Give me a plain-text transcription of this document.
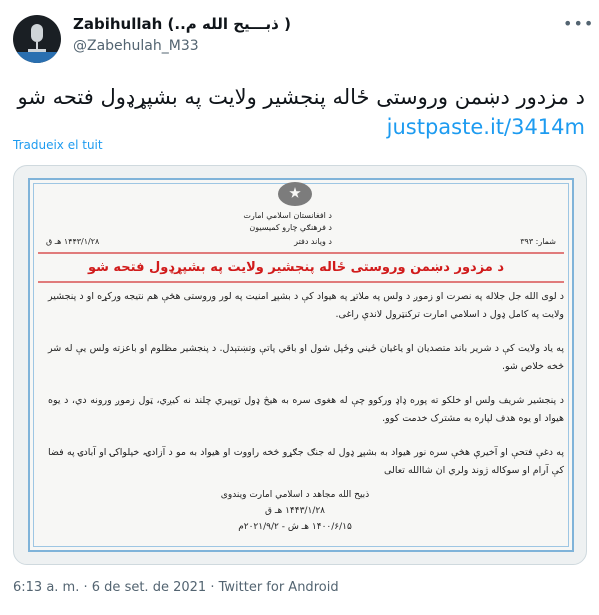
Zabihullah (..ذبـــیح الله م )
@Zabehulah_M33
•••
د مزدور دښمن وروستی ځاله پنجشیر ولایت په بشپړډول فتحه شو justpaste.it/3414m
Tradueix el tuit
د افغانستان اسلامي امارت
د فرهنګي چارو کمیسیون
شمار: ۳۹۳
د ویاند دفتر
۱۴۴۳/۱/۲۸ هـ ق
د مزدور دښمن وروستی ځاله پنجشیر ولایت په بشپړډول فتحه شو
د لوی الله جل جلاله په نصرت او زموږ د ولس په ملاتړ په هیواد کې د بشپړ امنیت په لور وروستی هڅې هم نتیجه ورکړه او د پنجشیر ولایت په کامل ډول د اسلامي امارت ترکنټرول لاندې راغی.
په یاد ولایت کې د شریر باند متصدیان او یاغیان ځیني وځپل شول او باقي پاتې وتښتېدل. د پنجشیر مظلوم او باعزته ولس یې له شر څخه خلاص شو.
د پنجشیر شریف ولس او خلکو ته پوره ډاډ ورکوو چې له هغوی سره به هیڅ ډول توپیري چلند نه کیږي، ټول زموږ ورونه دي، د یوه هیواد او یوه هدف لپاره به مشترک خدمت کوو.
په دغې فتحې او آخیرې هڅې سره نور هیواد به بشپړ ډول له جنګ جګړو څخه راووت او هیواد به مو د آزادۍ، خپلواکۍ او آبادۍ په فضا کې آرام او سوکاله ژوند ولري ان شاالله تعالی
ذبیح الله مجاهد د اسلامي امارت ویندوی
۱۴۴۳/۱/۲۸ هـ ق
۱۴۰۰/۶/۱۵ هـ ش - ۲۰۲۱/۹/۲م
6:13 a. m. · 6 de set. de 2021 · Twitter for Android
